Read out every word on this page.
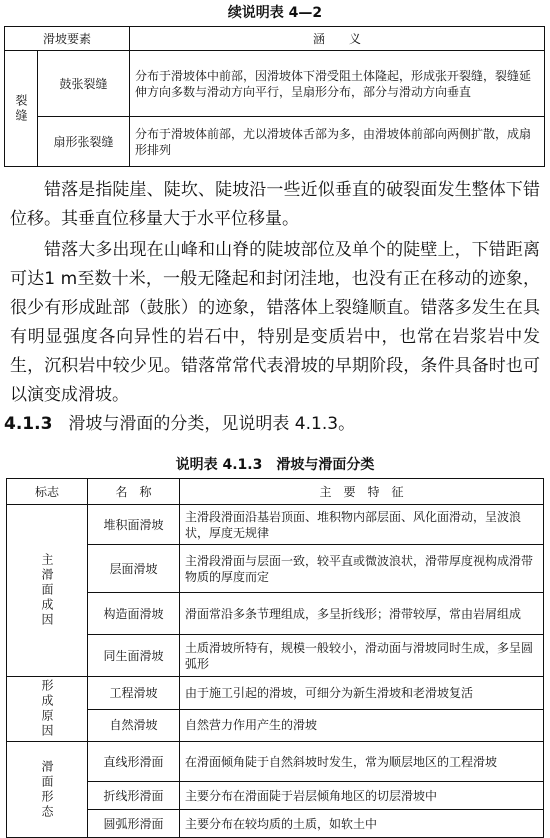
续说明表 4—2
滑坡要素		涵　　义
裂缝	鼓张裂缝	分布于滑坡体中前部，因滑坡体下滑受阻土体隆起，形成张开裂缝，裂缝延伸方向多数与滑动方向平行，呈扇形分布，部分与滑动方向垂直
	扇形张裂缝	分布于滑坡体前部，尤以滑坡体舌部为多，由滑坡体前部向两侧扩散，成扇形排列
错落是指陡崖、陡坎、陡坡沿一些近似垂直的破裂面发生整体下错位移。其垂直位移量大于水平位移量。
错落大多出现在山峰和山脊的陡坡部位及单个的陡壁上，下错距离可达1 m至数十米，一般无隆起和封闭洼地，也没有正在移动的迹象，很少有形成趾部（鼓胀）的迹象，错落体上裂缝顺直。错落多发生在具有明显强度各向异性的岩石中，特别是变质岩中，也常在岩浆岩中发生，沉积岩中较少见。错落常常代表滑坡的早期阶段，条件具备时也可以演变成滑坡。
4.1.3 滑坡与滑面的分类，见说明表 4.1.3。
说明表 4.1.3　滑坡与滑面分类
标志	名　称	主　要　特　征
主滑面成因	堆积面滑坡	主滑段滑面沿基岩顶面、堆积物内部层面、风化面滑动，呈波浪状，厚度无规律
	层面滑坡	主滑段滑面与层面一致，较平直或微波浪状，滑带厚度视构成滑带物质的厚度而定
	构造面滑坡	滑面常沿多条节理组成，多呈折线形；滑带较厚，常由岩屑组成
	同生面滑坡	土质滑坡所特有，规模一般较小，滑动面与滑坡同时生成，多呈圆弧形
形成原因	工程滑坡	由于施工引起的滑坡，可细分为新生滑坡和老滑坡复活
	自然滑坡	自然营力作用产生的滑坡
滑面形态	直线形滑面	在滑面倾角陡于自然斜坡时发生，常为顺层地区的工程滑坡
	折线形滑面	主要分布在滑面陡于岩层倾角地区的切层滑坡中
	圆弧形滑面	主要分布在较均质的土质，如软土中
